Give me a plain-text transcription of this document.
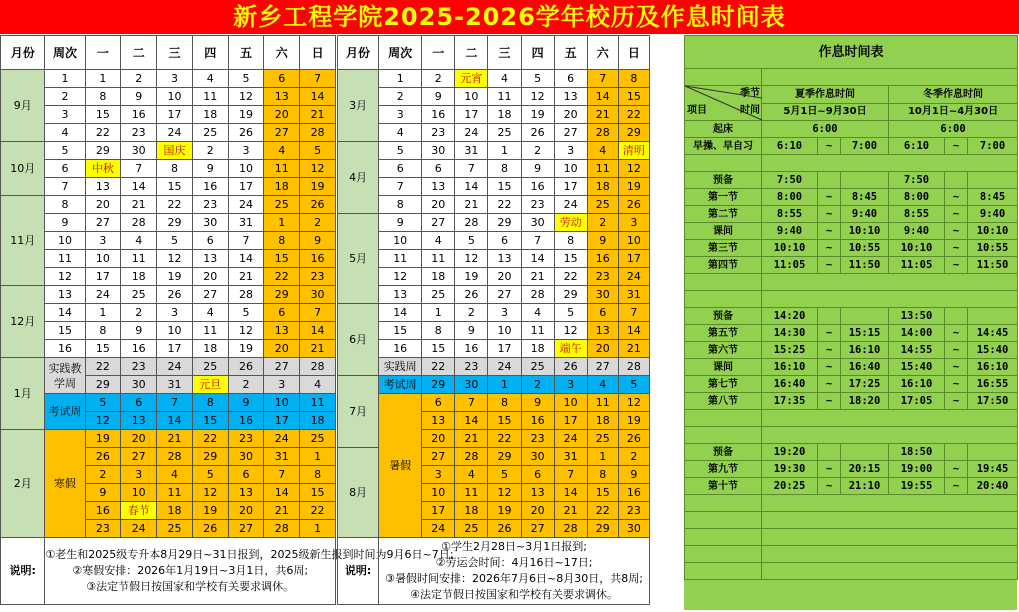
新乡工程学院2025-2026学年校历及作息时间表
月份	周次	一	二	三	四	五	六	日
9月	1	1	2	3	4	5	6	7
	2	8	9	10	11	12	13	14
	3	15	16	17	18	19	20	21
	4	22	23	24	25	26	27	28
10月	5	29	30	国庆	2	3	4	5
	6	中秋	7	8	9	10	11	12
	7	13	14	15	16	17	18	19
11月	8	20	21	22	23	24	25	26
	9	27	28	29	30	31	1	2
	10	3	4	5	6	7	8	9
	11	10	11	12	13	14	15	16
	12	17	18	19	20	21	22	23
12月	13	24	25	26	27	28	29	30
	14	1	2	3	4	5	6	7
	15	8	9	10	11	12	13	14
	16	15	16	17	18	19	20	21
1月	实践教学周	22	23	24	25	26	27	28
		29	30	31	元旦	2	3	4
	考试周	5	6	7	8	9	10	11
		12	13	14	15	16	17	18
2月	寒假	19	20	21	22	23	24	25
		26	27	28	29	30	31	1
		2	3	4	5	6	7	8
		9	10	11	12	13	14	15
		16	春节	18	19	20	21	22
		23	24	25	26	27	28	1
说明:	①老生和2025级专升本8月29日~31日报到，2025级新生报到时间为9月6日~7日;
②寒假安排：2026年1月19日~3月1日，共6周;
③法定节假日按国家和学校有关要求调休。							
月份	周次	一	二	三	四	五	六	日
3月	1	2	元宵	4	5	6	7	8
	2	9	10	11	12	13	14	15
	3	16	17	18	19	20	21	22
	4	23	24	25	26	27	28	29
4月	5	30	31	1	2	3	4	清明
	6	6	7	8	9	10	11	12
	7	13	14	15	16	17	18	19
	8	20	21	22	23	24	25	26
5月	9	27	28	29	30	劳动	2	3
	10	4	5	6	7	8	9	10
	11	11	12	13	14	15	16	17
	12	18	19	20	21	22	23	24
	13	25	26	27	28	29	30	31
6月	14	1	2	3	4	5	6	7
	15	8	9	10	11	12	13	14
	16	15	16	17	18	端午	20	21
	实践周	22	23	24	25	26	27	28
7月	考试周	29	30	1	2	3	4	5
	暑假	6	7	8	9	10	11	12
		13	14	15	16	17	18	19
		20	21	22	23	24	25	26
8月		27	28	29	30	31	1	2
		3	4	5	6	7	8	9
		10	11	12	13	14	15	16
		17	18	19	20	21	22	23
		24	25	26	27	28	29	30
说明:	①学生2月28日~3月1日报到;
②劳运会时间：4月16日~17日;
③暑假时间安排：2026年7月6日~8月30日，共8周;
④法定节假日按国家和学校有关要求调休。							
作息时间表						

季节
项目 时间	夏季作息时间			冬季作息时间		
	5月1日~9月30日			10月1日~4月30日		
起床	6:00			6:00		
早操、早自习	6:10	~	7:00	6:10	~	7:00

预备	7:50			7:50		
第一节	8:00	~	8:45	8:00	~	8:45
第二节	8:55	~	9:40	8:55	~	9:40
课间	9:40	~	10:10	9:40	~	10:10
第三节	10:10	~	10:55	10:10	~	10:55
第四节	11:05	~	11:50	11:05	~	11:50

预备	14:20			13:50		
第五节	14:30	~	15:15	14:00	~	14:45
第六节	15:25	~	16:10	14:55	~	15:40
课间	16:10	~	16:40	15:40	~	16:10
第七节	16:40	~	17:25	16:10	~	16:55
第八节	17:35	~	18:20	17:05	~	17:50

预备	19:20			18:50		
第九节	19:30	~	20:15	19:00	~	19:45
第十节	20:25	~	21:10	19:55	~	20:40
